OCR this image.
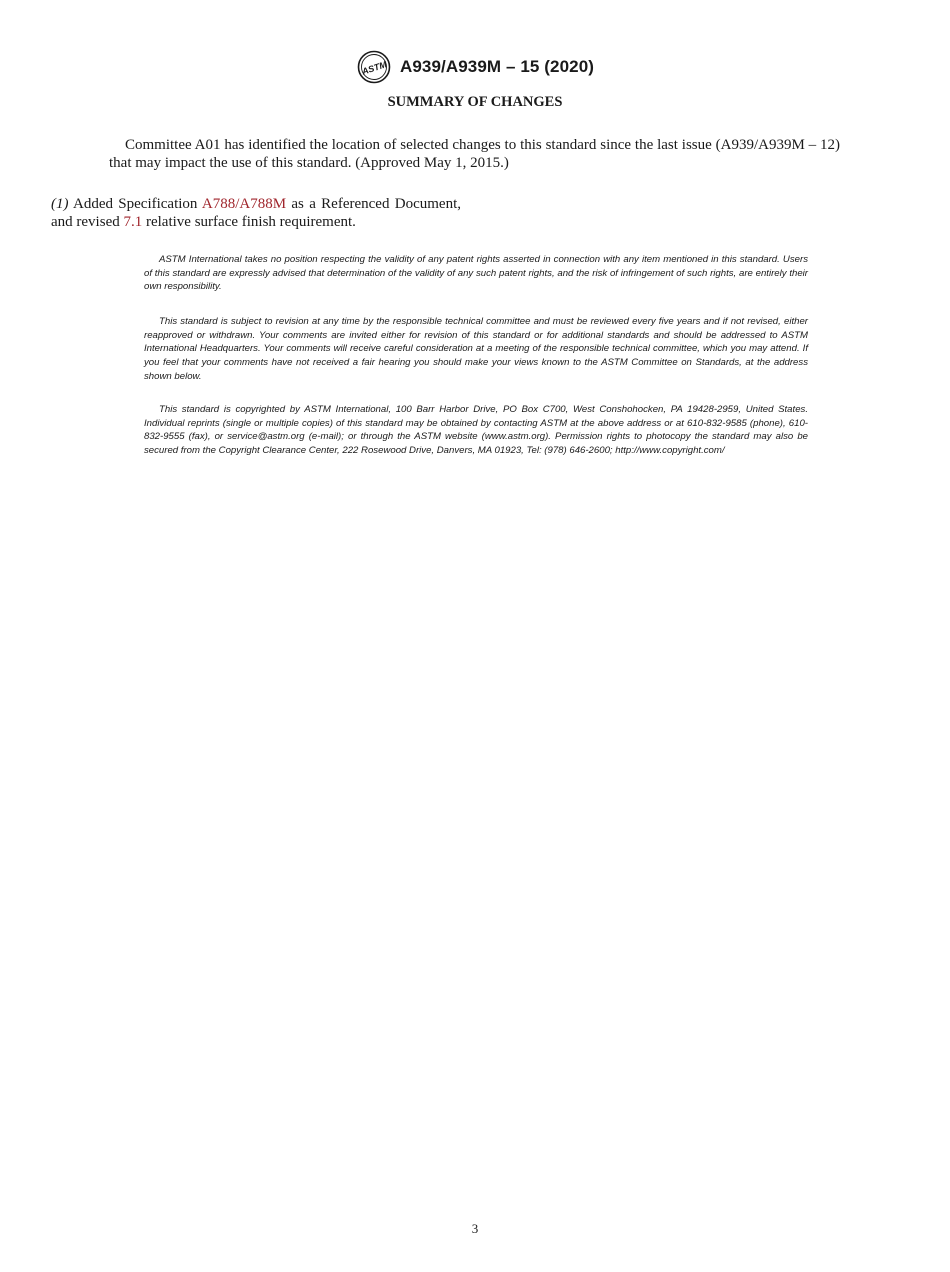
ASTM A939/A939M – 15 (2020)
SUMMARY OF CHANGES

Committee A01 has identified the location of selected changes to this standard since the last issue (A939/A939M – 12) that may impact the use of this standard. (Approved May 1, 2015.)

(1) Added Specification A788/A788M as a Referenced Document, and revised 7.1 relative surface finish requirement.

ASTM International takes no position respecting the validity of any patent rights asserted in connection with any item mentioned in this standard. Users of this standard are expressly advised that determination of the validity of any such patent rights, and the risk of infringement of such rights, are entirely their own responsibility.

This standard is subject to revision at any time by the responsible technical committee and must be reviewed every five years and if not revised, either reapproved or withdrawn. Your comments are invited either for revision of this standard or for additional standards and should be addressed to ASTM International Headquarters. Your comments will receive careful consideration at a meeting of the responsible technical committee, which you may attend. If you feel that your comments have not received a fair hearing you should make your views known to the ASTM Committee on Standards, at the address shown below.

This standard is copyrighted by ASTM International, 100 Barr Harbor Drive, PO Box C700, West Conshohocken, PA 19428-2959, United States. Individual reprints (single or multiple copies) of this standard may be obtained by contacting ASTM at the above address or at 610-832-9585 (phone), 610-832-9555 (fax), or service@astm.org (e-mail); or through the ASTM website (www.astm.org). Permission rights to photocopy the standard may also be secured from the Copyright Clearance Center, 222 Rosewood Drive, Danvers, MA 01923, Tel: (978) 646-2600; http://www.copyright.com/

3
